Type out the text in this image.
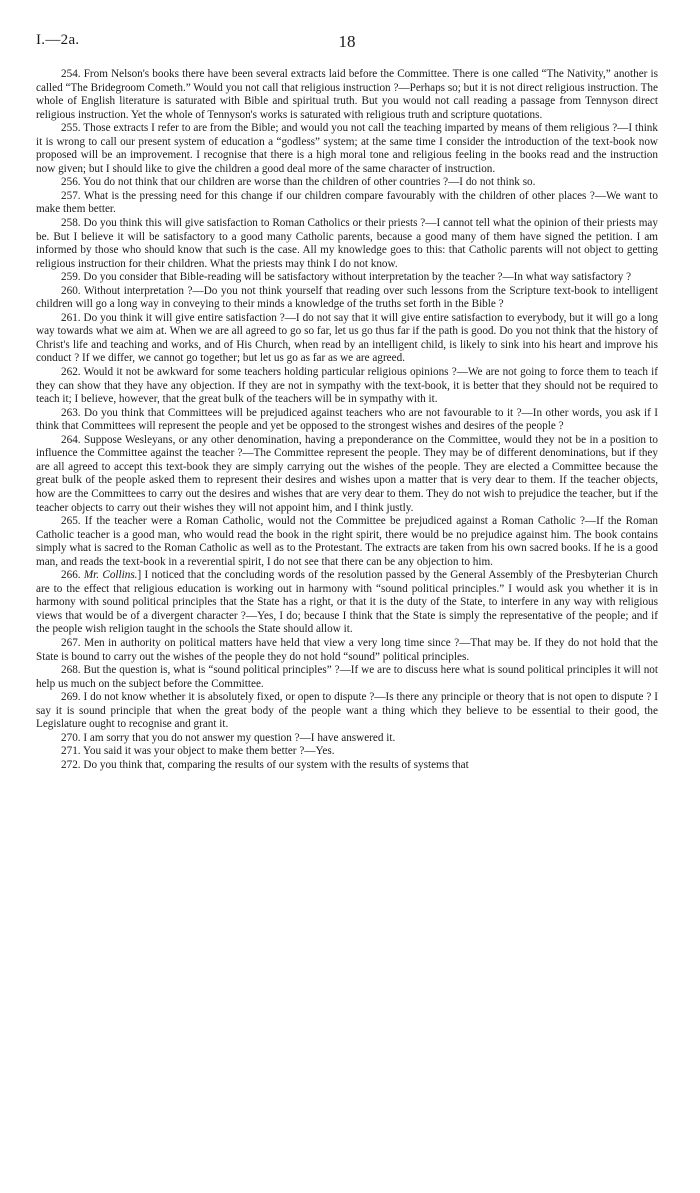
I.—2a.	18

254. From Nelson's books there have been several extracts laid before the Committee. There is one called “The Nativity,” another is called “The Bridegroom Cometh.” Would you not call that religious instruction ?—Perhaps so; but it is not direct religious instruction. The whole of English literature is saturated with Bible and spiritual truth. But you would not call reading a passage from Tennyson direct religious instruction. Yet the whole of Tennyson's works is saturated with religious truth and scripture quotations.

255. Those extracts I refer to are from the Bible; and would you not call the teaching imparted by means of them religious ?—I think it is wrong to call our present system of education a “godless” system; at the same time I consider the introduction of the text-book now proposed will be an improvement. I recognise that there is a high moral tone and religious feeling in the books read and the instruction now given; but I should like to give the children a good deal more of the same character of instruction.

256. You do not think that our children are worse than the children of other countries ?—I do not think so.

257. What is the pressing need for this change if our children compare favourably with the children of other places ?—We want to make them better.

258. Do you think this will give satisfaction to Roman Catholics or their priests ?—I cannot tell what the opinion of their priests may be. But I believe it will be satisfactory to a good many Catholic parents, because a good many of them have signed the petition. I am informed by those who should know that such is the case. All my knowledge goes to this: that Catholic parents will not object to getting religious instruction for their children. What the priests may think I do not know.

259. Do you consider that Bible-reading will be satisfactory without interpretation by the teacher ?—In what way satisfactory ?

260. Without interpretation ?—Do you not think yourself that reading over such lessons from the Scripture text-book to intelligent children will go a long way in conveying to their minds a knowledge of the truths set forth in the Bible ?

261. Do you think it will give entire satisfaction ?—I do not say that it will give entire satisfaction to everybody, but it will go a long way towards what we aim at. When we are all agreed to go so far, let us go thus far if the path is good. Do you not think that the history of Christ's life and teaching and works, and of His Church, when read by an intelligent child, is likely to sink into his heart and improve his conduct ? If we differ, we cannot go together; but let us go as far as we are agreed.

262. Would it not be awkward for some teachers holding particular religious opinions ?—We are not going to force them to teach if they can show that they have any objection. If they are not in sympathy with the text-book, it is better that they should not be required to teach it; I believe, however, that the great bulk of the teachers will be in sympathy with it.

263. Do you think that Committees will be prejudiced against teachers who are not favourable to it ?—In other words, you ask if I think that Committees will represent the people and yet be opposed to the strongest wishes and desires of the people ?

264. Suppose Wesleyans, or any other denomination, having a preponderance on the Committee, would they not be in a position to influence the Committee against the teacher ?—The Committee represent the people. They may be of different denominations, but if they are all agreed to accept this text-book they are simply carrying out the wishes of the people. They are elected a Committee because the great bulk of the people asked them to represent their desires and wishes upon a matter that is very dear to them. If the teacher objects, how are the Committees to carry out the desires and wishes that are very dear to them. They do not wish to prejudice the teacher, but if the teacher objects to carry out their wishes they will not appoint him, and I think justly.

265. If the teacher were a Roman Catholic, would not the Committee be prejudiced against a Roman Catholic ?—If the Roman Catholic teacher is a good man, who would read the book in the right spirit, there would be no prejudice against him. The book contains simply what is sacred to the Roman Catholic as well as to the Protestant. The extracts are taken from his own sacred books. If he is a good man, and reads the text-book in a reverential spirit, I do not see that there can be any objection to him.

266. Mr. Collins.] I noticed that the concluding words of the resolution passed by the General Assembly of the Presbyterian Church are to the effect that religious education is working out in harmony with “sound political principles.” I would ask you whether it is in harmony with sound political principles that the State has a right, or that it is the duty of the State, to interfere in any way with religious views that would be of a divergent character ?—Yes, I do; because I think that the State is simply the representative of the people; and if the people wish religion taught in the schools the State should allow it.

267. Men in authority on political matters have held that view a very long time since ?—That may be. If they do not hold that the State is bound to carry out the wishes of the people they do not hold “sound” political principles.

268. But the question is, what is “sound political principles” ?—If we are to discuss here what is sound political principles it will not help us much on the subject before the Committee.

269. I do not know whether it is absolutely fixed, or open to dispute ?—Is there any principle or theory that is not open to dispute ? I say it is sound principle that when the great body of the people want a thing which they believe to be essential to their good, the Legislature ought to recognise and grant it.

270. I am sorry that you do not answer my question ?—I have answered it.

271. You said it was your object to make them better ?—Yes.

272. Do you think that, comparing the results of our system with the results of systems that
